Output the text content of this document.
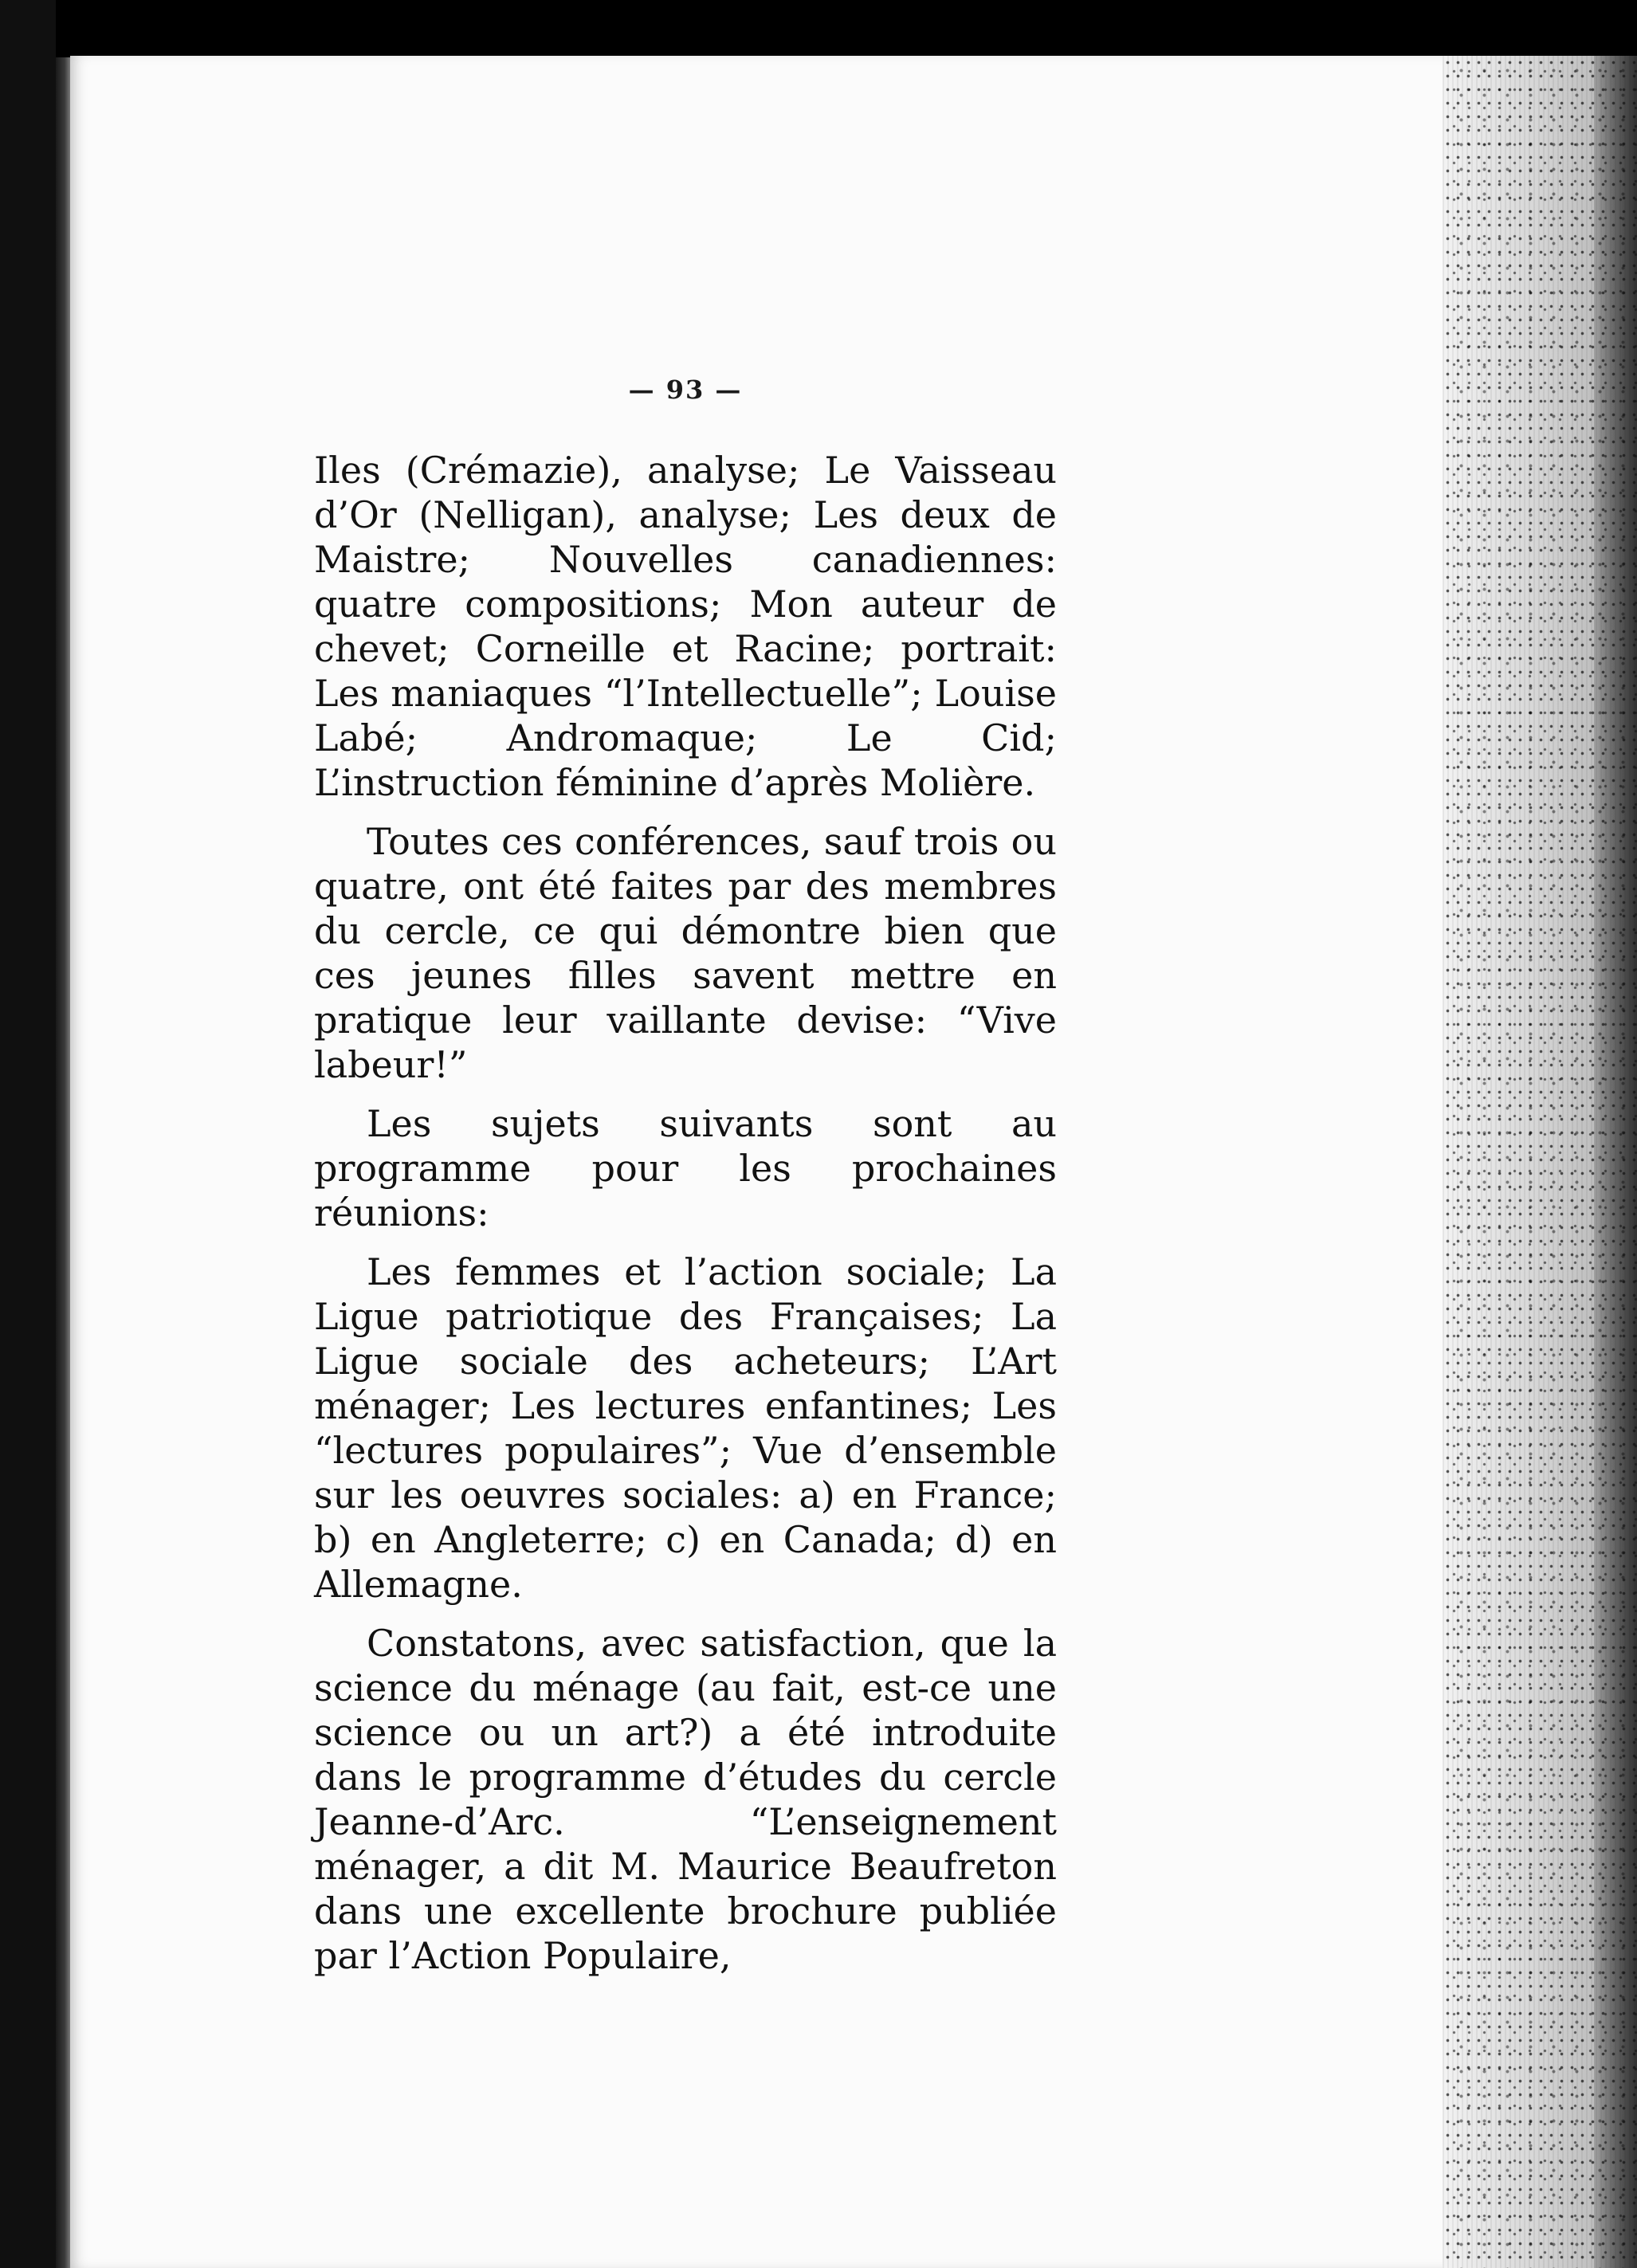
— 93 —

Iles (Crémazie), analyse; Le Vaisseau d’Or (Nelligan), analyse; Les deux de Maistre; Nouvelles canadiennes: quatre compositions; Mon auteur de chevet; Corneille et Racine; portrait: Les maniaques “l’Intellectuelle”; Louise Labé; Andromaque; Le Cid; L’instruction féminine d’après Molière.

Toutes ces conférences, sauf trois ou quatre, ont été faites par des membres du cercle, ce qui démontre bien que ces jeunes filles savent mettre en pratique leur vaillante devise: “Vive labeur!”

Les sujets suivants sont au programme pour les prochaines réunions:

Les femmes et l’action sociale; La Ligue patriotique des Françaises; La Ligue sociale des acheteurs; L’Art ménager; Les lectures enfantines; Les “lectures populaires”; Vue d’ensemble sur les oeuvres sociales: a) en France; b) en Angleterre; c) en Canada; d) en Allemagne.

Constatons, avec satisfaction, que la science du ménage (au fait, est-ce une science ou un art?) a été introduite dans le programme d’études du cercle Jeanne-d’Arc. “L’enseignement ménager, a dit M. Maurice Beaufreton dans une excellente brochure publiée par l’Action Populaire,
